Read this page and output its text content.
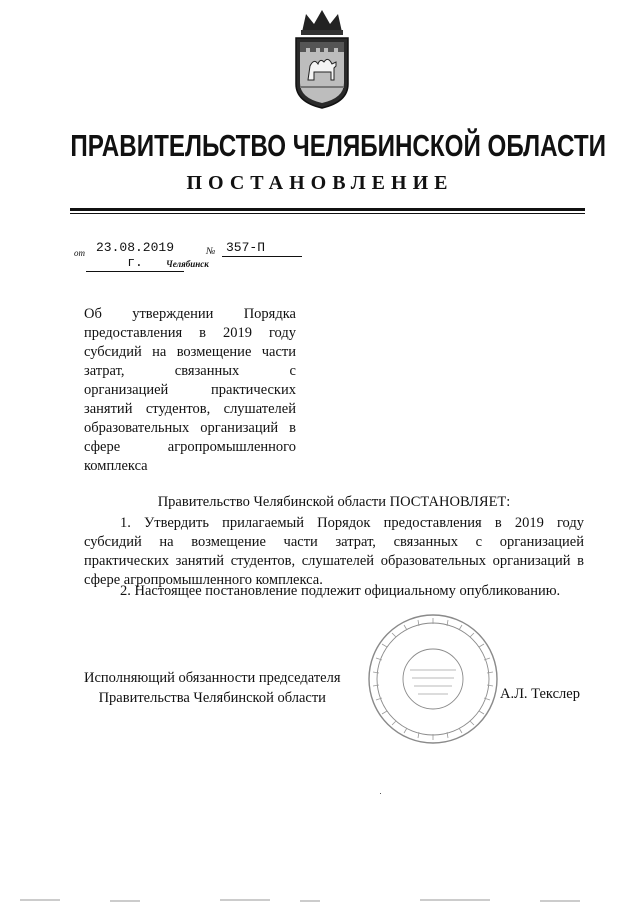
ПРАВИТЕЛЬСТВО ЧЕЛЯБИНСКОЙ ОБЛАСТИ
ПОСТАНОВЛЕНИЕ
от 23.08.2019 г.
№ 357-П
Челябинск
Об утверждении Порядка
предоставления в 2019 году
субсидий на возмещение части
затрат, связанных с
организацией практических
занятий студентов, слушателей
образовательных организаций в
сфере агропромышленного
комплекса
Правительство Челябинской области ПОСТАНОВЛЯЕТ:
1. Утвердить прилагаемый Порядок предоставления в 2019 году
субсидий на возмещение части затрат, связанных с организацией
практических занятий студентов, слушателей образовательных организаций в
сфере агропромышленного комплекса.
2. Настоящее постановление подлежит официальному опубликованию.
Исполняющий обязанности председателя
Правительства Челябинской области	А.Л. Текслер
